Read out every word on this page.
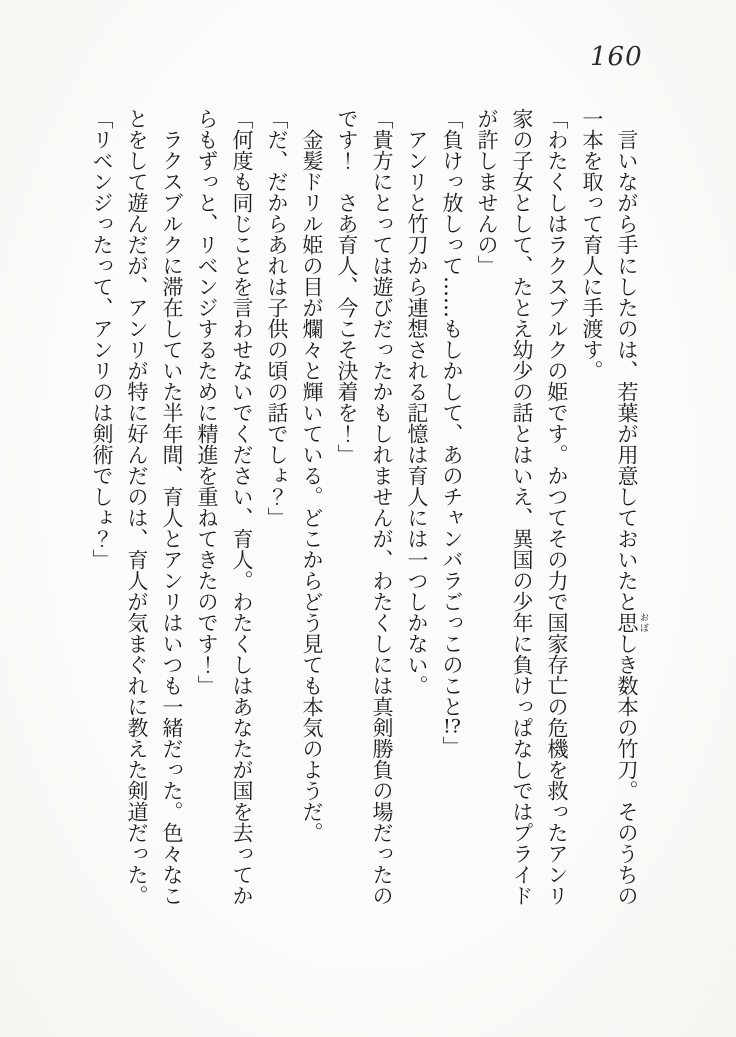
160

言いながら手にしたのは、若葉が用意しておいたと思 おぼしき数本の竹刀。そのうちの一本を取って育人に手渡す。

「わたくしはラクスブルクの姫です。かつてその力で国家存亡の危機を救ったアンリ家の子女として、たとえ幼少の話とはいえ、異国の少年に負けっぱなしではプライドが許しませんの」

「負けっ放しって……もしかして、あのチャンバラごっこのこと!?」

アンリと竹刀から連想される記憶は育人には一つしかない。

「貴方にとっては遊びだったかもしれませんが、わたくしには真剣勝負の場だったのです！　さあ育人、今こそ決着を！」

金髪ドリル姫の目が爛々と輝いている。どこからどう見ても本気のようだ。

「だ、だからあれは子供の頃の話でしょ？」

「何度も同じことを言わせないでください、育人。わたくしはあなたが国を去ってからもずっと、リベンジするために精進を重ねてきたのです！」

ラクスブルクに滞在していた半年間、育人とアンリはいつも一緒だった。色々なことをして遊んだが、アンリが特に好んだのは、育人が気まぐれに教えた剣道だった。

「リベンジったって、アンリのは剣術でしょ？」
